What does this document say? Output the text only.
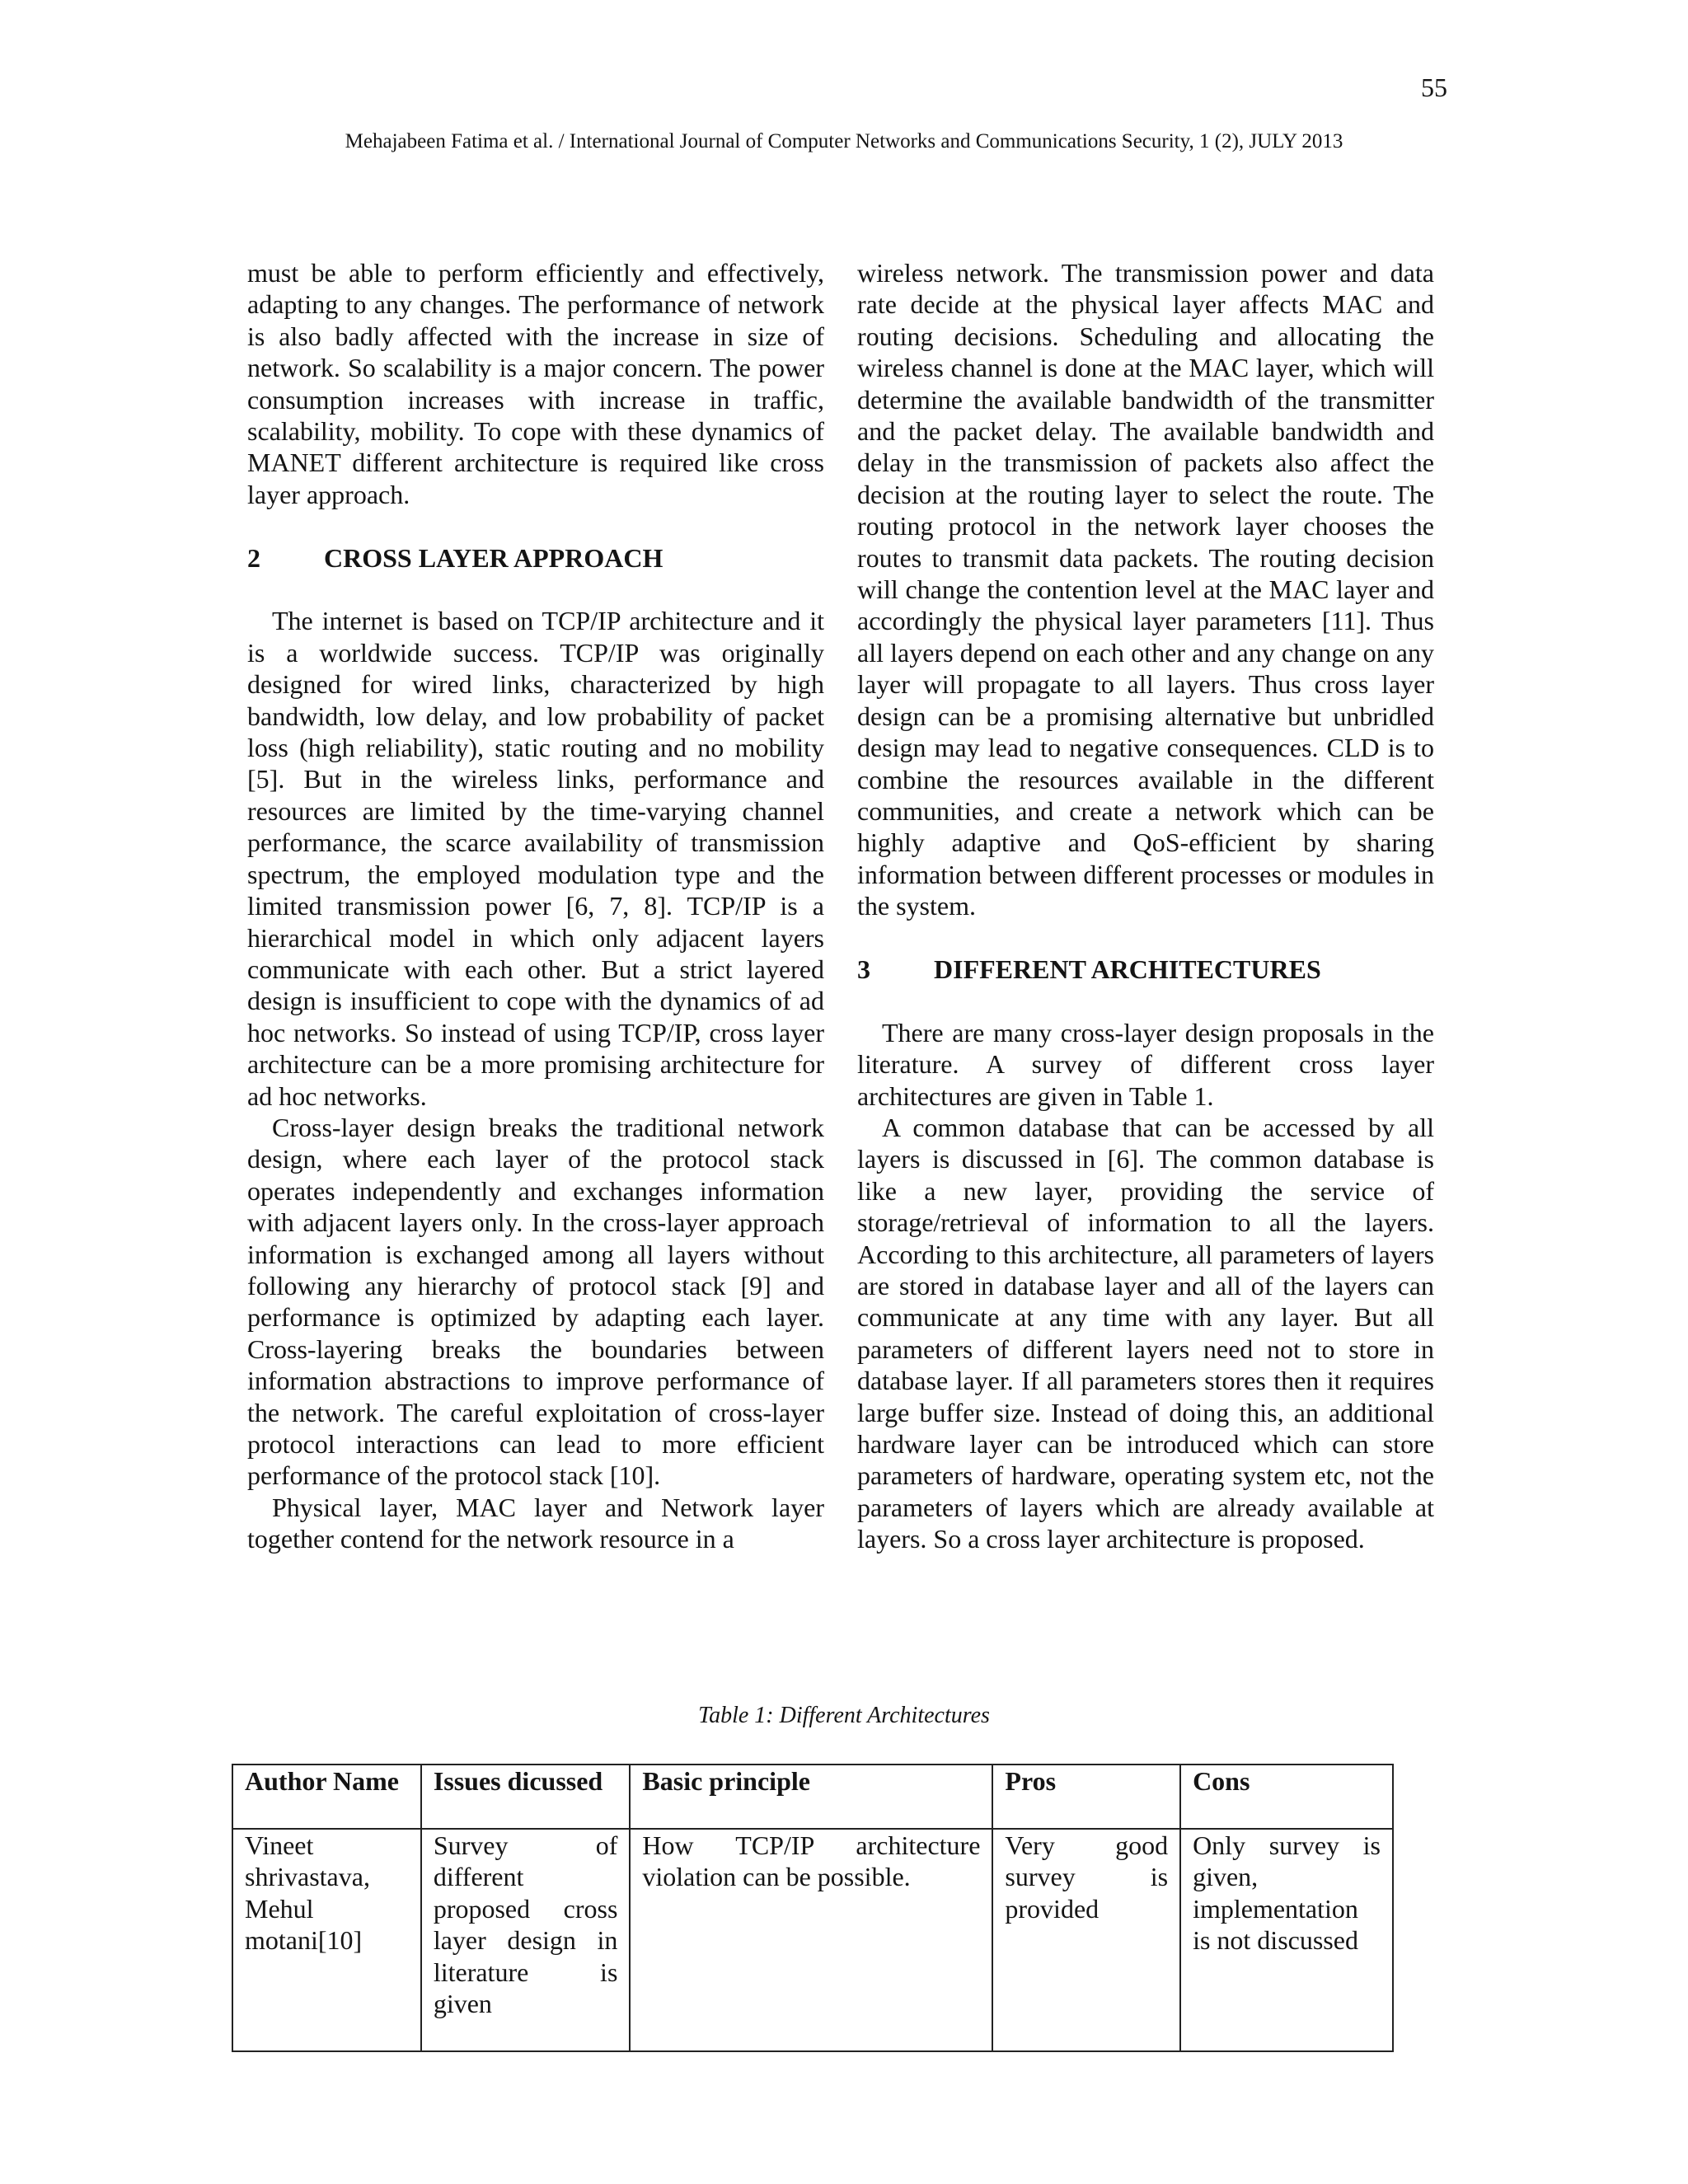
55
Mehajabeen Fatima et al. / International Journal of Computer Networks and Communications Security, 1 (2), JULY 2013

must be able to perform efficiently and effectively, adapting to any changes. The performance of network is also badly affected with the increase in size of network. So scalability is a major concern. The power consumption increases with increase in traffic, scalability, mobility. To cope with these dynamics of MANET different architecture is required like cross layer approach.

2 CROSS LAYER APPROACH

The internet is based on TCP/IP architecture and it is a worldwide success. TCP/IP was originally designed for wired links, characterized by high bandwidth, low delay, and low probability of packet loss (high reliability), static routing and no mobility [5]. But in the wireless links, performance and resources are limited by the time-varying channel performance, the scarce availability of transmission spectrum, the employed modulation type and the limited transmission power [6, 7, 8]. TCP/IP is a hierarchical model in which only adjacent layers communicate with each other. But a strict layered design is insufficient to cope with the dynamics of ad hoc networks. So instead of using TCP/IP, cross layer architecture can be a more promising architecture for ad hoc networks.

Cross-layer design breaks the traditional network design, where each layer of the protocol stack operates independently and exchanges information with adjacent layers only. In the cross-layer approach information is exchanged among all layers without following any hierarchy of protocol stack [9] and performance is optimized by adapting each layer. Cross-layering breaks the boundaries between information abstractions to improve performance of the network. The careful exploitation of cross-layer protocol interactions can lead to more efficient performance of the protocol stack [10].

Physical layer, MAC layer and Network layer together contend for the network resource in a

wireless network. The transmission power and data rate decide at the physical layer affects MAC and routing decisions. Scheduling and allocating the wireless channel is done at the MAC layer, which will determine the available bandwidth of the transmitter and the packet delay. The available bandwidth and delay in the transmission of packets also affect the decision at the routing layer to select the route. The routing protocol in the network layer chooses the routes to transmit data packets. The routing decision will change the contention level at the MAC layer and accordingly the physical layer parameters [11]. Thus all layers depend on each other and any change on any layer will propagate to all layers. Thus cross layer design can be a promising alternative but unbridled design may lead to negative consequences. CLD is to combine the resources available in the different communities, and create a network which can be highly adaptive and QoS-efficient by sharing information between different processes or modules in the system.

3 DIFFERENT ARCHITECTURES

There are many cross-layer design proposals in the literature. A survey of different cross layer architectures are given in Table 1.

A common database that can be accessed by all layers is discussed in [6]. The common database is like a new layer, providing the service of storage/retrieval of information to all the layers. According to this architecture, all parameters of layers are stored in database layer and all of the layers can communicate at any time with any layer. But all parameters of different layers need not to store in database layer. If all parameters stores then it requires large buffer size. Instead of doing this, an additional hardware layer can be introduced which can store parameters of hardware, operating system etc, not the parameters of layers which are already available at layers. So a cross layer architecture is proposed.

Table 1: Different Architectures
Author Name	Issues dicussed	Basic principle	Pros	Cons
Vineet shrivastava, Mehul motani[10]	Survey of different proposed cross layer design in literature is given	How TCP/IP architecture violation can be possible.	Very good survey is provided	Only survey is given, implementation is not discussed
